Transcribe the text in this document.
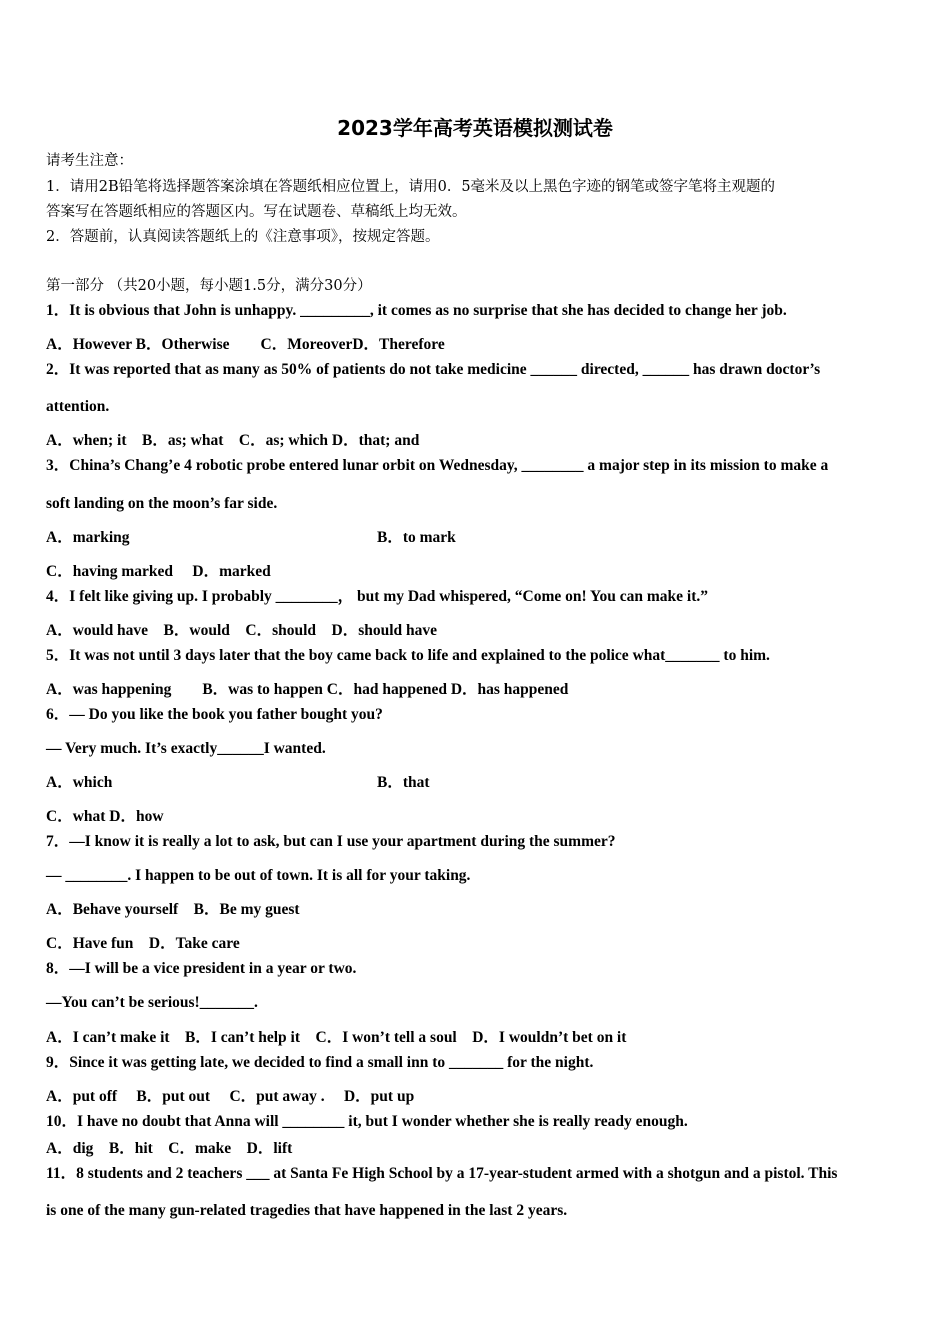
2023学年高考英语模拟测试卷
请考生注意：
1．请用2B铅笔将选择题答案涂填在答题纸相应位置上，请用0．5毫米及以上黑色字迹的钢笔或签字笔将主观题的
答案写在答题纸相应的答题区内。写在试题卷、草稿纸上均无效。
2．答题前，认真阅读答题纸上的《注意事项》，按规定答题。
第一部分 （共20小题，每小题1.5分，满分30分）
1．It is obvious that John is unhappy. _________, it comes as no surprise that she has decided to change her job.
A．However B．Otherwise　　C．MoreoverD．Therefore
2．It was reported that as many as 50% of patients do not take medicine ______ directed, ______ has drawn doctor’s
attention.
A．when; it　B．as; what　C．as; which D．that; and
3．China’s Chang’e 4 robotic probe entered lunar orbit on Wednesday, ________ a major step in its mission to make a
soft landing on the moon’s far side.
A．marking	B．to mark
C．having marked　 D．marked
4．I felt like giving up. I probably ________， but my Dad whispered, “Come on! You can make it.”
A．would have　B．would　C．should　D．should have
5．It was not until 3 days later that the boy came back to life and explained to the police what_______ to him.
A．was happening　　B．was to happen C．had happened D．has happened
6．— Do you like the book you father bought you?
— Very much. It’s exactly______I wanted.
A．which	B．that
C．what D．how
7．—I know it is really a lot to ask, but can I use your apartment during the summer?
— ________. I happen to be out of town. It is all for your taking.
A．Behave yourself　B．Be my guest
C．Have fun　D．Take care
8．—I will be a vice president in a year or two.
—You can’t be serious!_______.
A．I can’t make it　B．I can’t help it　C．I won’t tell a soul　D．I wouldn’t bet on it
9．Since it was getting late, we decided to find a small inn to _______ for the night.
A．put off　 B．put out　 C．put away .　 D．put up
10．I have no doubt that Anna will ________ it, but I wonder whether she is really ready enough.
A．dig　B．hit　C．make　D．lift
11．8 students and 2 teachers ___ at Santa Fe High School by a 17-year-student armed with a shotgun and a pistol. This
is one of the many gun-related tragedies that have happened in the last 2 years.
